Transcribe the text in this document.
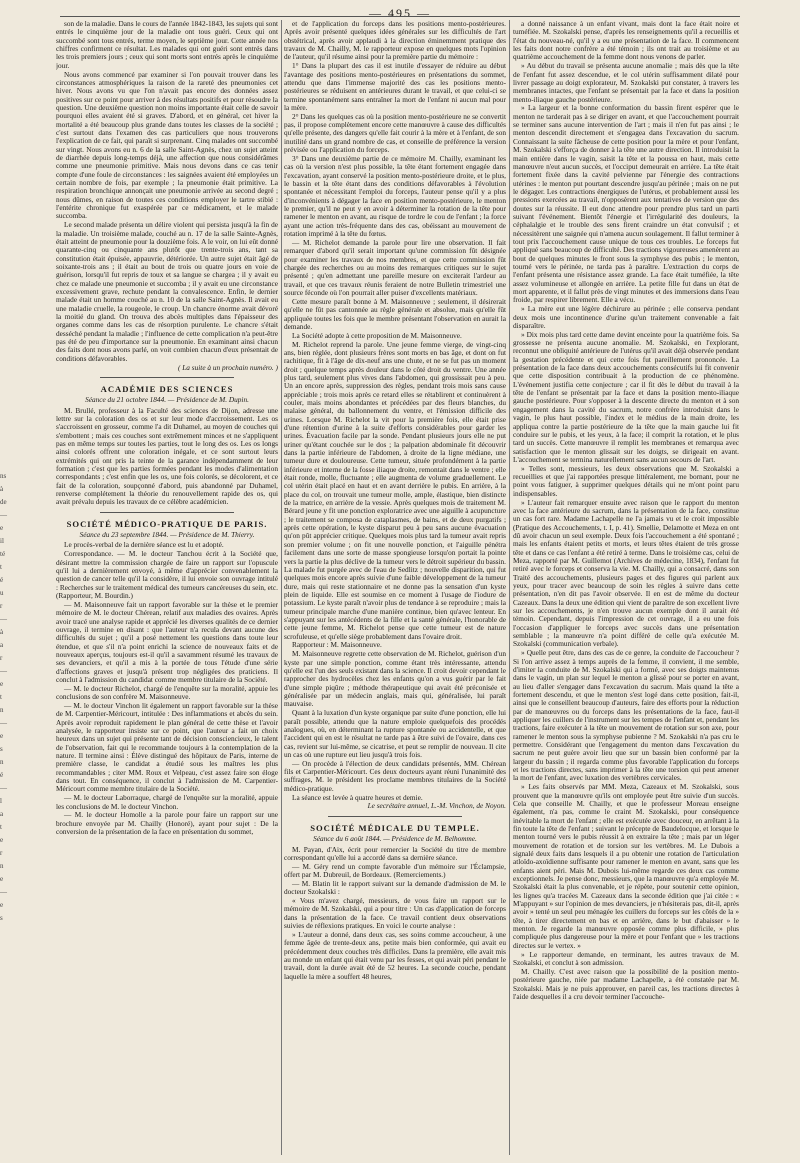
— 495 —
ns
à
de
—
e
il
té
t
é
u
r
—
à
a
r
—
e
t
n
—
e
s
n
é
—
l
a
t
e
r
n
e
—
e
s

son de la maladie. Dans le cours de l'année 1842-1843, les sujets qui sont entrés le cinquième jour de la maladie ont tous guéri. Ceux qui ont succombé sont tous entrés, terme moyen, le septième jour. Cette année nos chiffres confirment ce résultat. Les malades qui ont guéri sont entrés dans les trois premiers jours ; ceux qui sont morts sont entrés après le cinquième jour.

Nous avons commencé par examiner si l'on pouvait trouver dans les circonstances atmosphériques la raison de la rareté des pneumonies cet hiver. Nous avons vu que l'on n'avait pas encore des données assez positives sur ce point pour arriver à des résultats positifs et pour résoudre la question. Une deuxième question non moins importante était celle de savoir pourquoi elles avaient été si graves. D'abord, et en général, cet hiver la mortalité a été beaucoup plus grande dans toutes les classes de la société ; c'est surtout dans l'examen des cas particuliers que nous trouverons l'explication de ce fait, qui paraît si surprenant. Cinq malades ont succombé sur vingt. Nous avons eu n. 6 de la salle Saint-Agnès, chez un sujet atteint de diarrhée depuis long-temps déjà, une affection que nous considérâmes comme une pneumonie primitive. Mais nous devons dans ce cas tenir compte d'une foule de circonstances : les saignées avaient été employées un certain nombre de fois, par exemple ; la pneumonie était primitive. La respiration bronchique annonçait une pneumonie arrivée au second degré ; nous dûmes, en raison de toutes ces conditions employer le tartre stibié : l'entérite chronique fut exaspérée par ce médicament, et le malade succomba.

Le second malade présenta un délire violent qui persista jusqu'à la fin de la maladie. Un troisième malade, couché au n. 17 de la salle Sainte-Agnès, était atteint de pneumonie pour la douzième fois. A le voir, on lui eût donné quarante-cinq ou cinquante ans plutôt que trente-trois ans, tant sa constitution était épuisée, appauvrie, détériorée. Un autre sujet était âgé de soixante-trois ans ; il était au bout de trois ou quatre jours en voie de guérison, lorsqu'il fut repris de toux et sa langue se chargea ; il y avait eu chez ce malade une pneumonie et succomba ; il y avait eu une circonstance excessivement grave, rechute pendant la convalescence. Enfin, le dernier malade était un homme couché au n. 10 de la salle Saint-Agnès. Il avait eu une maladie cruelle, la rougeole, le croup. Un chancre énorme avait dévoré la moitié du gland. On trouva des abcès multiples dans l'épaisseur des organes comme dans les cas de résorption purulente. Le chancre s'était desséché pendant la maladie ; l'influence de cette complication n'a peut-être pas été de peu d'importance sur la pneumonie. En examinant ainsi chacun des faits dont nous avons parlé, on voit combien chacun d'eux présentait de conditions défavorables.

( La suite à un prochain numéro. )

ACADÉMIE DES SCIENCES

Séance du 21 octobre 1844. — Présidence de M. Dupin.

M. Brullé, professeur à la Faculté des sciences de Dijon, adresse une lettre sur la coloration des os et sur leur mode d'accroissement. Les os s'accroissent en grosseur, comme l'a dit Duhamel, au moyen de couches qui s'embottent ; mais ces couches sont extrêmement minces et ne s'appliquent pas en même temps sur toutes les parties, tout le long des os. Les os longs ainsi colorés offrent une coloration inégale, et ce sont surtout leurs extrémités qui ont pris la teinte de la garance indépendamment de leur formation ; c'est que les parties formées pendant les modes d'alimentation correspondants ; c'est enfin que les os, une fois colorés, se décolorent, et ce fait de la coloration, soupçonné d'abord, puis abandonné par Duhamel, renverse complétement la théorie du renouvellement rapide des os, qui avait prévalu depuis les travaux de ce célèbre académicien.

SOCIÉTÉ MÉDICO-PRATIQUE DE PARIS.

Séance du 23 septembre 1844. — Présidence de M. Thierry.

Le procès-verbal de la dernière séance est lu et adopté.

Correspondance. — M. le docteur Tanchou écrit à la Société que, désirant mettre la commission chargée de faire un rapport sur l'opuscule qu'il lui a dernièrement envoyé, à même d'apprécier convenablement la question de cancer telle qu'il la considère, il lui envoie son ouvrage intitulé : Recherches sur le traitement médical des tumeurs cancéreuses du sein, etc. (Rapporteur, M. Bourdin.)

— M. Maisonneuve fait un rapport favorable sur la thèse et le premier mémoire de M. le docteur Chérean, relatif aux maladies des ovaires. Après avoir tracé une analyse rapide et apprécié les diverses qualités de ce dernier ouvrage, il termine en disant : que l'auteur n'a recula devant aucune des difficultés du sujet ; qu'il a posé nettement les questions dans toute leur étendue, et que s'il n'a point enrichi la science de nouveaux faits et de nouveaux aperçus, toujours est-il qu'il a savamment résumé les travaux de ses devanciers, et qu'il a mis à la portée de tous l'étude d'une série d'affections graves et jusqu'à présent trop négligées des praticiens. Il conclut à l'admission du candidat comme membre titulaire de la Société.

— M. le docteur Richelot, chargé de l'enquête sur la moralité, appuie les conclusions de son confrère M. Maisonneuve.

— M. le docteur Vinchon lit également un rapport favorable sur la thèse de M. Carpentier-Méricourt, intitulée : Des inflammations et abcès du sein. Après avoir reproduit rapidement le plan général de cette thèse et l'avoir analysée, le rapporteur insiste sur ce point, que l'auteur a fait un choix heureux dans un sujet qui présente tant de décision consciencieux, le talent de l'observation, fait qui le recommande toujours à la contemplation de la nature. Il termine ainsi : Élève distingué des hôpitaux de Paris, interne de première classe, le candidat a étudié sous les maîtres les plus recommandables ; citer MM. Roux et Velpeau, c'est assez faire son éloge dans tout. En conséquence, il conclut à l'admission de M. Carpentier-Méricourt comme membre titulaire de la Société.

— M. le docteur Laborraque, chargé de l'enquête sur la moralité, appuie les conclusions de M. le docteur Vinchon.

— M. le docteur Homolle a la parole pour faire un rapport sur une brochure envoyée par M. Chailly (Honoré), ayant pour sujet : De la conversion de la présentation de la face en présentation du sommet,

et de l'application du forceps dans les positions mento-postérieures. Après avoir présenté quelques idées générales sur les difficultés de l'art obstétrical, après avoir applaudi à la direction éminemment pratique des travaux de M. Chailly, M. le rapporteur expose en quelques mots l'opinion de l'auteur, qu'il résume ainsi pour la première partie du mémoire :

1° Dans la plupart des cas il est inutile d'essayer de réduire au début l'avantage des positions mento-postérieures en présentations du sommet, attendu que dans l'immense majorité des cas les positions mento-postérieures se réduisent en antérieures durant le travail, et que celui-ci se termine spontanément sans entraîner la mort de l'enfant ni aucun mal pour la mère.

2° Dans les quelques cas où la position mento-postérieure ne se convertit pas, il propose complètement encore cette manœuvre à cause des difficultés qu'elle présente, des dangers qu'elle fait courir à la mère et à l'enfant, de son inutilité dans un grand nombre de cas, et conseille de préférence la version prévisée ou l'application du forceps.

3° Dans une deuxième partie de ce mémoire M. Chailly, examinant les cas où la version n'est plus possible, la tête étant fortement engagée dans l'excavation, ayant conservé la position mento-postérieure droite, et le plus, le bassin et la tête étant dans des conditions défavorables à l'évolution spontanée et nécessitant l'emploi du forceps, l'auteur pense qu'il y a plus d'inconvénients à dégager la face en position mento-postérieure, le menton le premier, qu'il ne peut y en avoir à déterminer la rotation de la tête pour ramener le menton en avant, au risque de tordre le cou de l'enfant ; la force ayant une action très-fréquente dans des cas, obéissant au mouvement de rotation imprimé à la tête du fœtus.

— M. Richelot demande la parole pour lire une observation. Il fait remarquer d'abord qu'il serait important qu'une commission fût désignée pour examiner les travaux de nos membres, et que cette commission fût chargée des recherches ou au moins des remarques critiques sur le sujet présenté ; qu'en admettant une pareille mesure on exciterait l'ardeur au travail, et que ces travaux réunis feraient de notre Bulletin trimestriel une source féconde où l'on pourrait aller puiser d'excellents matériaux.

Cette mesure paraît bonne à M. Maisonneuve ; seulement, il désirerait qu'elle ne fût pas cantonnée au règle générale et absolue, mais qu'elle fût appliquée toutes les fois que le membre présentant l'observation en aurait la demande.

La Société adopte à cette proposition de M. Maisonneuve.

M. Richelot reprend la parole. Une jeune femme vierge, de vingt-cinq ans, bien réglée, dont plusieurs frères sont morts en bas âge, et dont on fut rachitique, fit à l'âge de dix-neuf ans une chute, et ne se fut pas un moment droit ; quelque temps après douleur dans le côté droit du ventre. Une année plus tard, seulement plus vives dans l'abdomen, qui grossissait peu à peu. Un an encore après, suppression des règles, pendant trois mois sans cause appréciable ; trois mois après ce retard elles se rétablirent et continuèrent à couler, mais moins abondantes et précédées par des fleurs blanches, du malaise général, du ballonnement du ventre, et l'émission difficile des urines. Lorsque M. Richelot la vit pour la première fois, elle était prise d'une rétention d'urine à la suite d'efforts considérables pour garder les urines. Évacuation facile par la sonde. Pendant plusieurs jours elle ne put uriner qu'étant couchée sur le dos ; la palpation abdominale fit découvrir dans la partie inférieure de l'abdomen, à droite de la ligne médiane, une tumeur dure et douloureuse. Cette tumeur, située profondément à la partie inférieure et interne de la fosse iliaque droite, remontait dans le ventre ; elle était ronde, molle, fluctuante ; elle augmenta de volume graduellement. Le col utérin était placé en haut et en avant derrière le pubis. En arrière, à la place du col, on trouvait une tumeur molle, ample, élastique, bien distincte de la matrice, en arrière de la vessie. Après quelques mois de traitement M. Bérard jeune y fit une ponction exploratrice avec une aiguille à acupuncture ; le traitement se composa de cataplasmes, de bains, et de deux purgatifs ; après cette opération, le kyste disparut peu à peu sans aucune évacuation qu'on pût apprécier critique. Quelques mois plus tard la tumeur avait repris son premier volume ; on fit une nouvelle ponction, et l'aiguille pénétra facilement dans une sorte de masse spongieuse lorsqu'on portait la pointe vers la partie la plus déclive de la tumeur vers le détroit supérieur du bassin. La malade fut purgée avec de l'eau de Sedlitz ; nouvelle disparition, qui fut quelques mois encore après suivie d'une faible développement de la tumeur dure, mais qui reste stationnaire et ne donne pas la sensation d'un kyste plein de liquide. Elle est soumise en ce moment à l'usage de l'iodure de potassium. Le kyste paraît n'avoir plus de tendance à se reproduire ; mais la tumeur principale marche d'une manière continue, bien qu'avec lenteur. En s'appuyant sur les antécédents de la fille et la santé générale, l'honorable de cette jeune femme, M. Richelot pense que cette tumeur est de nature scrofuleuse, et qu'elle siège probablement dans l'ovaire droit.

Rapporteur : M. Maisonneuve.

M. Maisonneuve regrette cette observation de M. Richelot, guérison d'un kyste par une simple ponction, comme étant très intéressante, attendu qu'elle est l'un des seuls existant dans la science. Il croit devoir cependant le rapprocher des hydrocèles chez les enfants qu'on a vus guérir par le fait d'une simple piqûre ; méthode thérapeutique qui avait été préconisée et généralisée par un médecin anglais, mais qui, généralisée, lui paraît mauvaise.

Quant à la luxation d'un kyste organique par suite d'une ponction, elle lui paraît possible, attendu que la nature emploie quelquefois des procédés analogues, où, en déterminant la rupture spontanée ou accidentelle, et que l'accident qui en est le résultat ne tarde pas à être suivi de l'ovaire, dans ces cas, revient sur lui-même, se cicatrise, et peut se remplir de nouveau. Il cite un cas où une rupture eut lieu jusqu'à trois fois.

— On procède à l'élection de deux candidats présentés, MM. Chérean fils et Carpentier-Méricourt. Ces deux docteurs ayant réuni l'unanimité des suffrages, M. le président les proclame membres titulaires de la Société médico-pratique.

La séance est levée à quatre heures et demie.

Le secrétaire annuel, L.-M. Vinchon, de Noyon.

SOCIÉTÉ MÉDICALE DU TEMPLE.

Séance du 6 août 1844. — Présidence de M. Belhomme.

M. Payan, d'Aix, écrit pour remercier la Société du titre de membre correspondant qu'elle lui a accordé dans sa dernière séance.

— M. Géry rend un compte favorable d'un mémoire sur l'Éclampsie, offert par M. Dubreuil, de Bordeaux. (Remerciements.)

— M. Blatin lit le rapport suivant sur la demande d'admission de M. le docteur Szokalski :

« Vous m'avez chargé, messieurs, de vous faire un rapport sur le mémoire de M. Szokalski, qui a pour titre : Un cas d'application de forceps dans la présentation de la face. Ce travail contient deux observations suivies de réflexions pratiques. En voici le courte analyse :

» L'auteur a donné, dans deux cas, ses soins comme accoucheur, à une femme âgée de trente-deux ans, petite mais bien conformée, qui avait eu précédemment deux couches très difficiles. Dans la première, elle avait mis au monde un enfant qui était venu par les fesses, et qui avait péri pendant le travail, dont la durée avait été de 52 heures. La seconde couche, pendant laquelle la mère a souffert 48 heures,

a donné naissance à un enfant vivant, mais dont la face était noire et tuméfiée. M. Szokalski pense, d'après les renseignements qu'il a recueillis et l'état du nouveau-né, qu'il y a eu une présentation de la face. Il commencent les faits dont notre confrère a été témoin ; ils ont trait au troisième et au quatrième accouchement de la femme dont nous venons de parler.

» Au début du travail se présenta aucune anomalie ; mais dès que la tête de l'enfant fut assez descendue, et le col utérin suffisamment dilaté pour livrer passage au doigt explorateur, M. Szokalski put constater, à travers les membranes intactes, que l'enfant se présentait par la face et dans la position mento-iliaque gauche postérieure.

» La largeur et la bonne conformation du bassin firent espérer que le menton ne tarderait pas à se diriger en avant, et que l'accouchement pourrait se terminer sans aucune intervention de l'art ; mais il n'en fut pas ainsi ; le menton descendit directement et s'engagea dans l'excavation du sacrum. Connaissant la suite fâcheuse de cette position pour la mère et pour l'enfant, M. Szokalski s'efforça de donner à la tête une autre direction. Il introduisit la main entière dans le vagin, saisit la tête et la poussa en haut, mais cette manœuvre n'eut aucun succès, et l'occiput demeurait en arrière. La tête était fortement fixée dans la cavité pelvienne par l'énergie des contractions utérines : le menton put pourtant descendre jusqu'au périnée ; mais on ne put le dégager. Les contractions énergiques de l'utérus, et probablement aussi les pressions exercées au travail, n'opposèrent aux tentatives de version que des doutes sur la réussite. Il eut donc attendre pour prendre plus tard un parti suivant l'événement. Bientôt l'énergie et l'irrégularité des douleurs, la céphalalgie et le trouble des sens firent craindre un état convulsif ; et nécessitèrent une saignée qui n'amena aucun soulagement. Il fallut terminer à tout prix l'accouchement cause unique de tous ces troubles. Le forceps fut appliqué sans beaucoup de difficulté. Des tractions vigoureuses amenèrent au bout de quelques minutes le front sous la symphyse des pubis ; le menton, tourné vers le périnée, ne tarda pas à paraître. L'extraction du corps de l'enfant présenta une résistance assez grande. La face était tuméfiée, la tête assez volumineuse et allongée en arrière. La petite fille fut dans un état de mort apparente, et il fallut près de vingt minutes et des immersions dans l'eau froide, par respirer librement. Elle a vécu.

» La mère eut une légère déchirure au périnée ; elle conserva pendant deux mois une incontinence d'urine qu'un traitement convenable a fait disparaître.

» Dix mois plus tard cette dame devint enceinte pour la quatrième fois. Sa grossesse ne présenta aucune anomalie. M. Szokalski, en l'explorant, reconnut une obliquité antérieure de l'utérus qu'il avait déjà observée pendant la gestation précédente et qui cette fois fut pareillement prononcée. La présentation de la face dans deux accouchements consécutifs lui fit convenir que cette disposition contribuait à la production de ce phénomène. L'événement justifia cette conjecture ; car il fit dès le début du travail à la tête de l'enfant se présentait par la face et dans la position mento-iliaque gauche postérieure. Pour s'opposer à la descente directe du menton et à son engagement dans la cavité du sacrum, notre confrère introduisit dans le vagin, le plus haut possible, l'index et le médius de la main droite, les appliqua contre la partie postérieure de la tête que la main gauche lui fit conduire sur le pubis, et les yeux, à la face; il comprit la rotation, et le plus tard un succès. Cette manœuvre il remplit les membranes et remarqua avec satisfaction que le menton glissait sur les doigts, se dirigeait en avant. L'accouchement se termina naturellement sans aucun secours de l'art.

» Telles sont, messieurs, les deux observations que M. Szokalski a recueillies et que j'ai rapportées presque littéralement, me bornant, pour ne point vous fatiguer, à supprimer quelques détails qui ne m'ont point paru indispensables.

» L'auteur fait remarquer ensuite avec raison que le rapport du menton avec la face antérieure du sacrum, dans la présentation de la face, constitue un cas fort rare. Madame Lachapelle ne l'a jamais vu et le croit impossible (Pratique des Accouchements, t. I, p. 41). Smellie, Delamotte et Meza en ont dû avoir chacun un seul exemple. Deux fois l'accouchement a été spontané ; mais les enfants étaient petits et morts, et leurs têtes étaient de très grosse tête et dans ce cas l'enfant a été retiré à terme. Dans le troisième cas, celui de Meza, rapporté par M. Guillemot (Archives de médecine, 1834), l'enfant fut retiré avec le forceps et conserva la vie. M. Chailly, qui a consacré, dans son Traité des accouchements, plusieurs pages et des figures qui parlent aux yeux, pour tracer avec beaucoup de soin les règles à suivre dans cette présentation, n'en dit pas l'avoir observée. Il en est de même du docteur Cazeaux. Dans la deux une édition qui vient de paraître de son excellent livre sur les accouchements, je n'en trouve aucun exemple dont il aurait été témoin. Cependant, depuis l'impression de cet ouvrage, il a eu une fois l'occasion d'appliquer le forceps avec succès dans une présentation semblable ; la manœuvre n'a point différé de celle qu'a exécutée M. Szokalski (communication verbale).

» Quelle peut être, dans des cas de ce genre, la conduite de l'accoucheur ? Si l'on arrive assez à temps auprès de la femme, il convient, il me semble, d'imiter la conduite de M. Szokalski qui a formé, avec ses doigts maintenus dans le vagin, un plan sur lequel le menton a glissé pour se porter en avant, au lieu d'aller s'engager dans l'excavation du sacrum. Mais quand la tête a fortement descendu, et que le menton s'est logé dans cette position, fait-il, ainsi que le conseillent beaucoup d'auteurs, faire des efforts pour la réduction par de manœuvres ou du forceps dans les présentations de la face, faut-il appliquer les cuillers de l'instrument sur les tempes de l'enfant et, pendant les tractions, faire exécuter à la tête un mouvement de rotation sur son axe, pour ramener le menton sous la symphyse pubienne ? M. Szokalski n'a pas cru le permettre. Considérant que l'engagement du menton dans l'excavation du sacrum ne peut guère avoir lieu que sur un bassin bien conformé par la largeur du bassin ; il regarda comme plus favorable l'application du forceps et les tractions directes, sans imprimer à la tête une torsion qui peut amener la mort de l'enfant, avec luxation des vertèbres cervicales.

» Les faits observés par MM. Meza, Cazeaux et M. Szokalski, sous prouvent que la manœuvre qu'ils ont employée peut être suivie d'un succès. Cela que conseille M. Chailly, et que le professeur Moreau enseigne également, n'a pas, comme le craint M. Szokalski, pour conséquence inévitable la mort de l'enfant ; elle est exécutée avec douceur, en arrêtant à la fin toute la tête de l'enfant ; suivant le précepte de Baudelocque, et lorsque le menton tourné vers le pubis réussit à en extraire la tête ; mais par un léger mouvement de rotation et de torsion sur les vertèbres. M. Le Dubois a signalé deux faits dans lesquels il a pu obtenir une rotation de l'articulation atloïdo-axoïdienne suffisante pour ramener le menton en avant, sans que les enfants aient péri. Mais M. Dubois lui-même regarde ces deux cas comme exceptionnels. Je pense donc, messieurs, que la manœuvre qu'a employée M. Szokalski était la plus convenable, et je répète, pour soutenir cette opinion, les lignes qu'a tracées M. Cazeaux dans la seconde édition que j'ai citée : « M'appuyant » sur l'opinion de mes devanciers, je n'hésiterais pas, dit-il, après avoir » tenté un seul peu ménagée les cuillers du forceps sur les côtés de la » tête, à tirer directement en bas et en arrière, dans le but d'abaisser » le menton. Je regarde la manœuvre opposée comme plus difficile, » plus compliquée plus dangereuse pour la mère et pour l'enfant que » les tractions directes sur le vertex. »

» Le rapporteur demande, en terminant, les autres travaux de M. Szokalski, et conclut à son admission.

M. Chailly. C'est avec raison que la possibilité de la position mento-postérieure gauche, niée par madame Lachapelle, a été constatée par M. Szokalski. Mais je ne puis approuver, en pareil cas, les tractions directes à l'aide desquelles il a cru devoir terminer l'accouche-
